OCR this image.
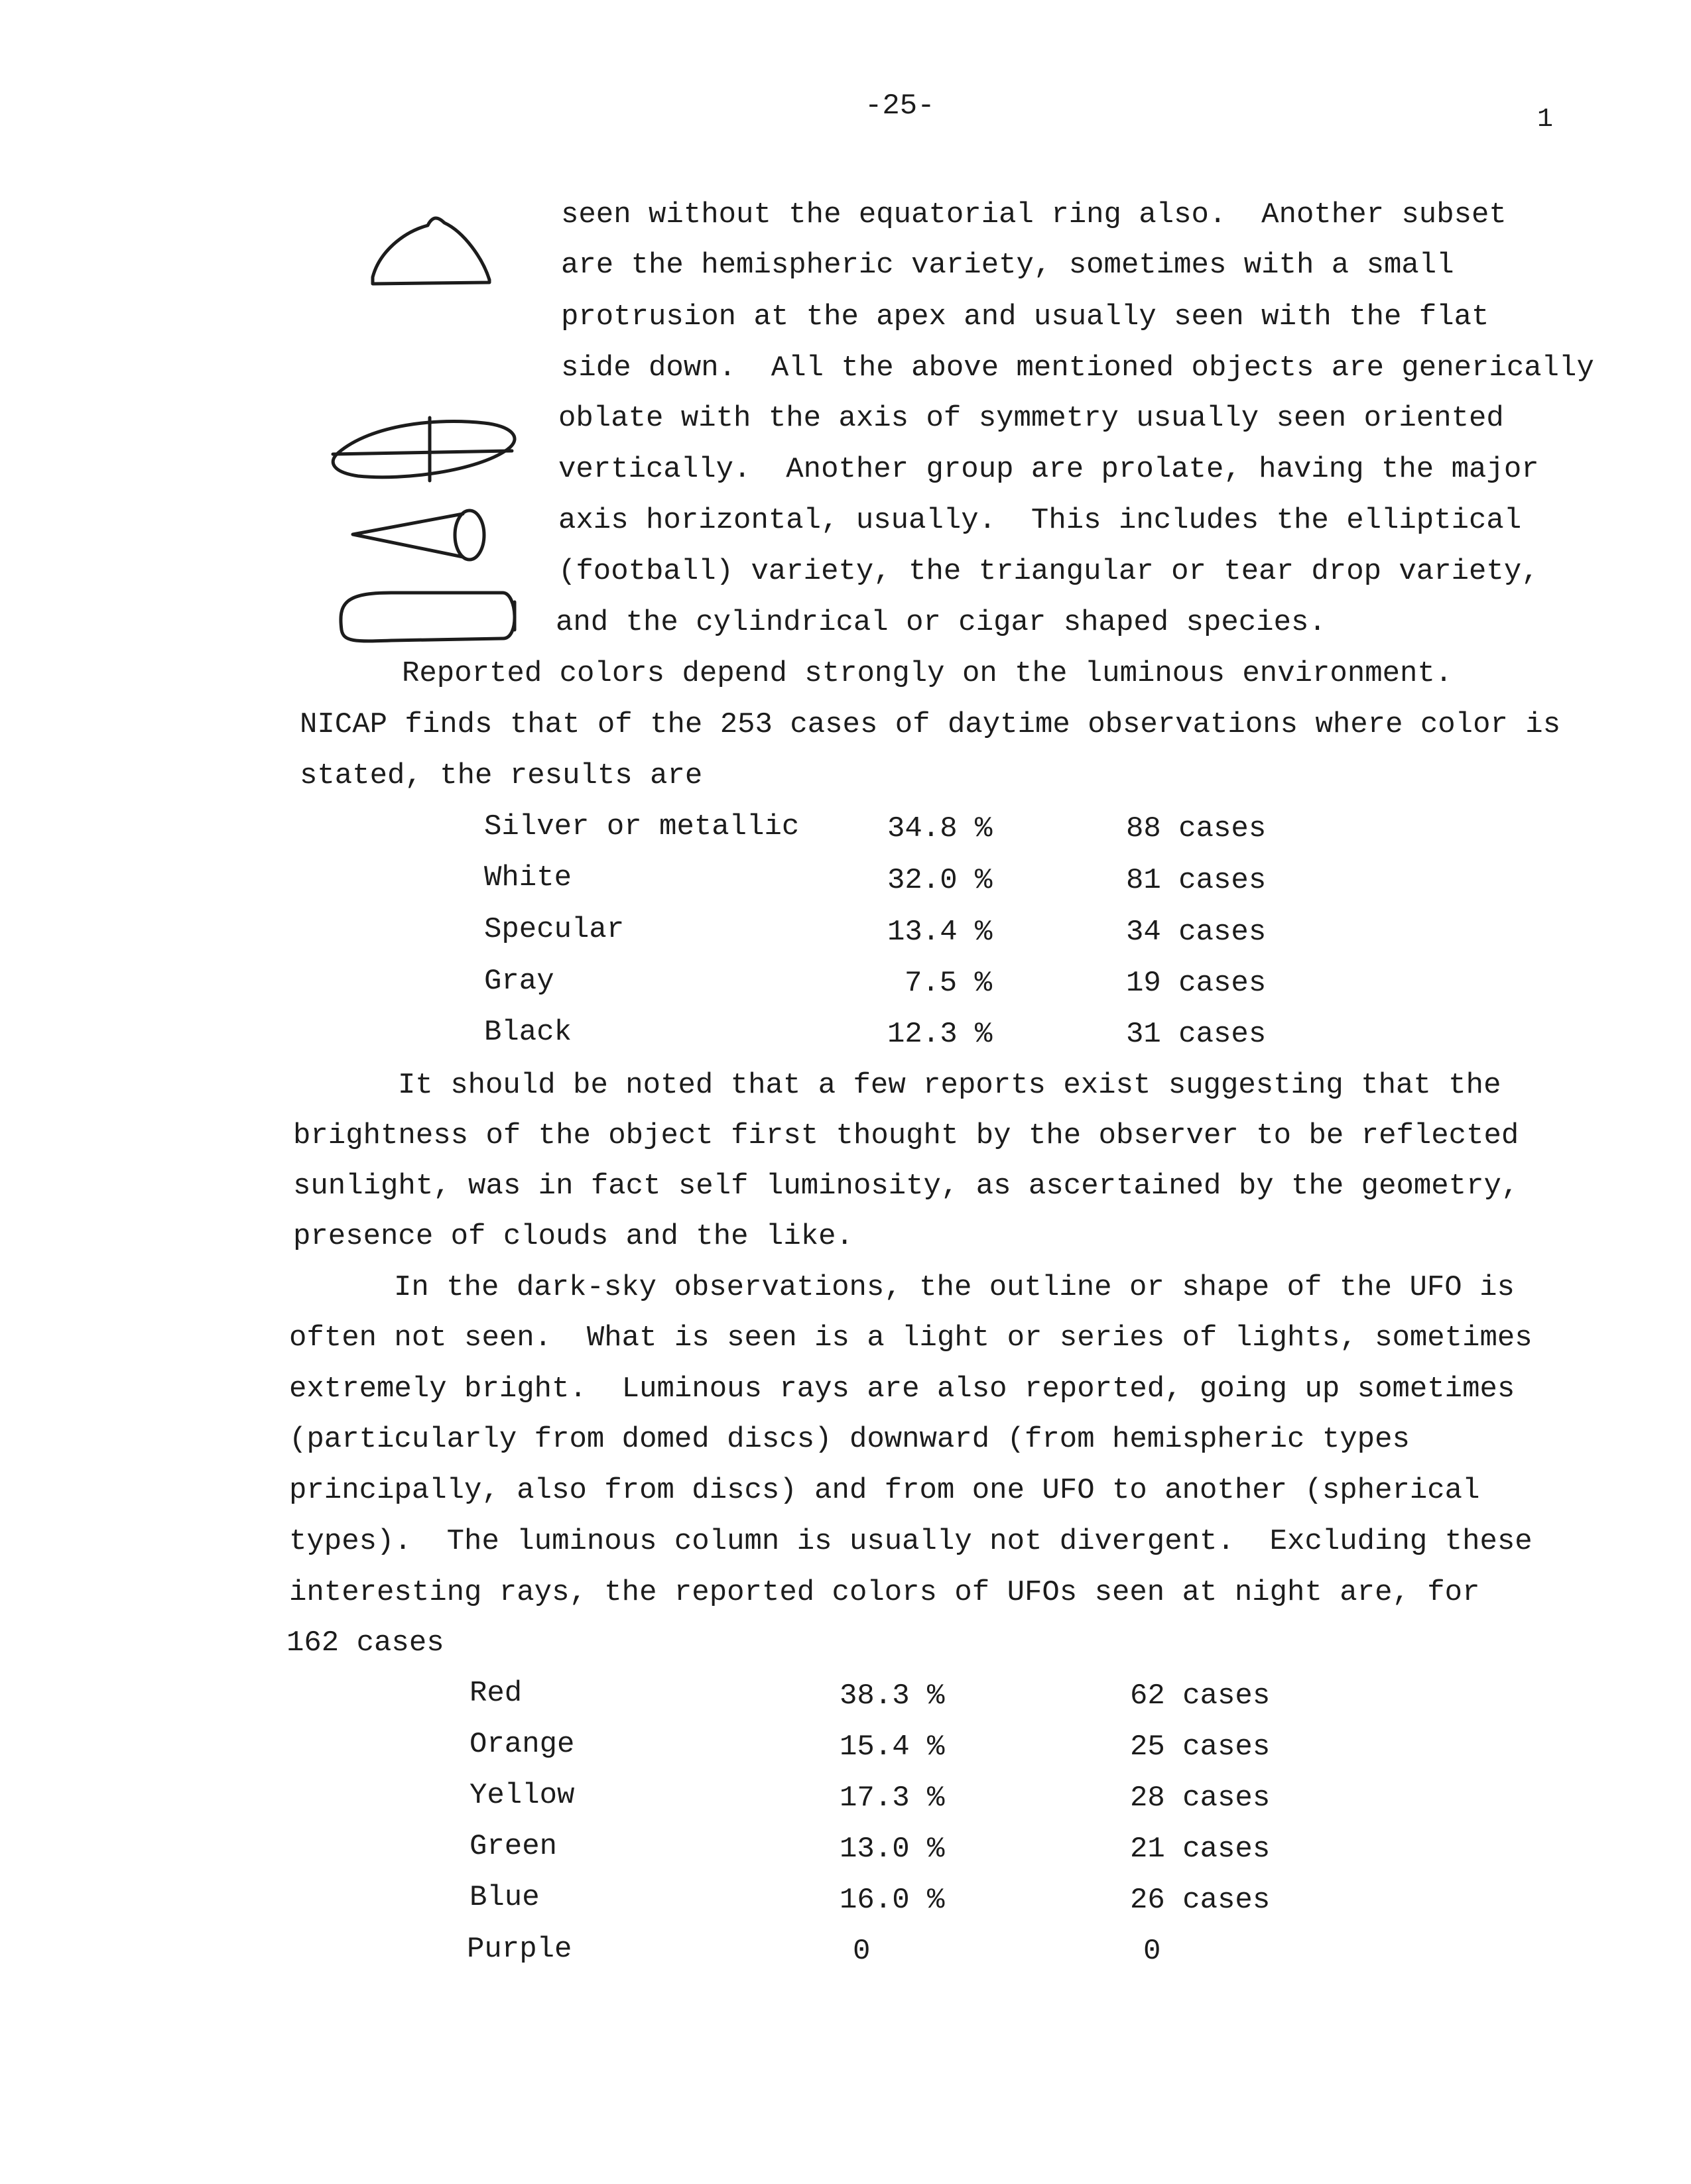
-25-	1
seen without the equatorial ring also.  Another subset
are the hemispheric variety, sometimes with a small
protrusion at the apex and usually seen with the flat
side down.  All the above mentioned objects are generically
oblate with the axis of symmetry usually seen oriented
vertically.  Another group are prolate, having the major
axis horizontal, usually.  This includes the elliptical
(football) variety, the triangular or tear drop variety,
and the cylindrical or cigar shaped species.
Reported colors depend strongly on the luminous environment.
NICAP finds that of the 253 cases of daytime observations where color is
stated, the results are
Silver or metallic	34.8 %	88 cases
White	32.0 %	81 cases
Specular	13.4 %	34 cases
Gray	7.5 %	19 cases
Black	12.3 %	31 cases
It should be noted that a few reports exist suggesting that the
brightness of the object first thought by the observer to be reflected
sunlight, was in fact self luminosity, as ascertained by the geometry,
presence of clouds and the like.
In the dark-sky observations, the outline or shape of the UFO is
often not seen.  What is seen is a light or series of lights, sometimes
extremely bright.  Luminous rays are also reported, going up sometimes
(particularly from domed discs) downward (from hemispheric types
principally, also from discs) and from one UFO to another (spherical
types).  The luminous column is usually not divergent.  Excluding these
interesting rays, the reported colors of UFOs seen at night are, for
162 cases
Red	38.3 %	62 cases
Orange	15.4 %	25 cases
Yellow	17.3 %	28 cases
Green	13.0 %	21 cases
Blue	16.0 %	26 cases
Purple	0	0
